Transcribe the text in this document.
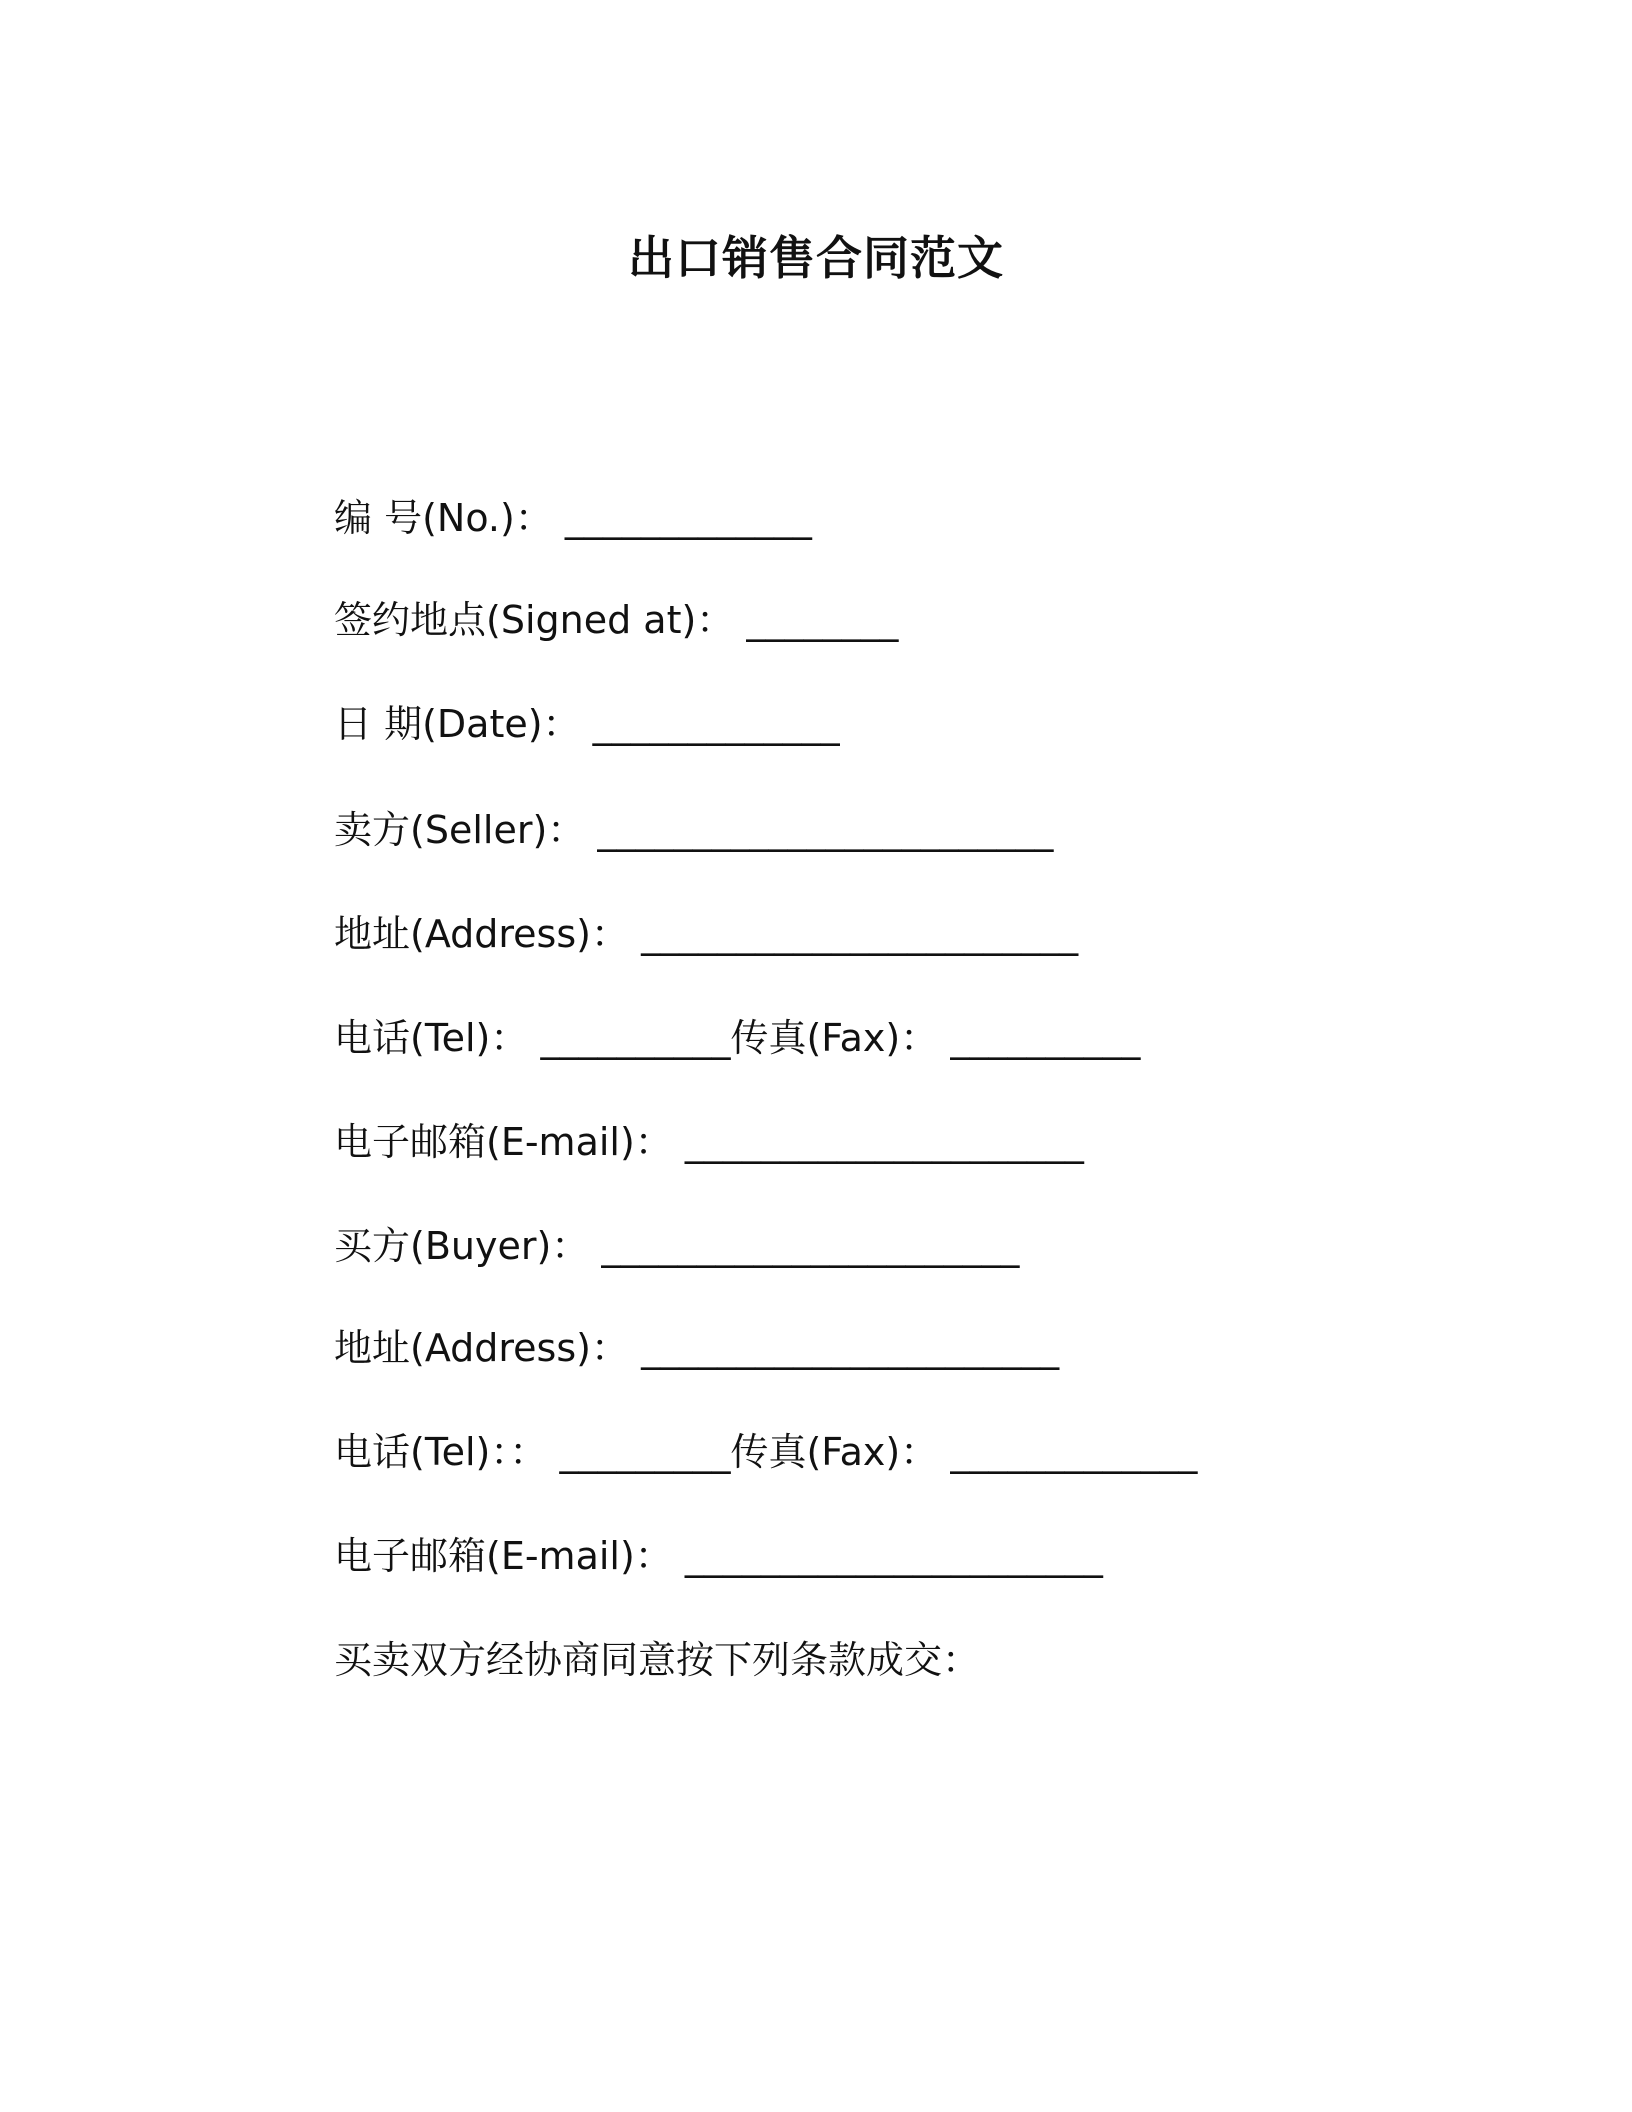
出口销售合同范文
编 号(No.)： _____________
签约地点(Signed at)： ________
日 期(Date)： _____________
卖方(Seller)： ________________________
地址(Address)： _______________________
电话(Tel)： __________传真(Fax)： __________
电子邮箱(E-mail)： _____________________
买方(Buyer)： ______________________
地址(Address)： ______________________
电话(Tel)：： _________传真(Fax)： _____________
电子邮箱(E-mail)： ______________________
买卖双方经协商同意按下列条款成交：
